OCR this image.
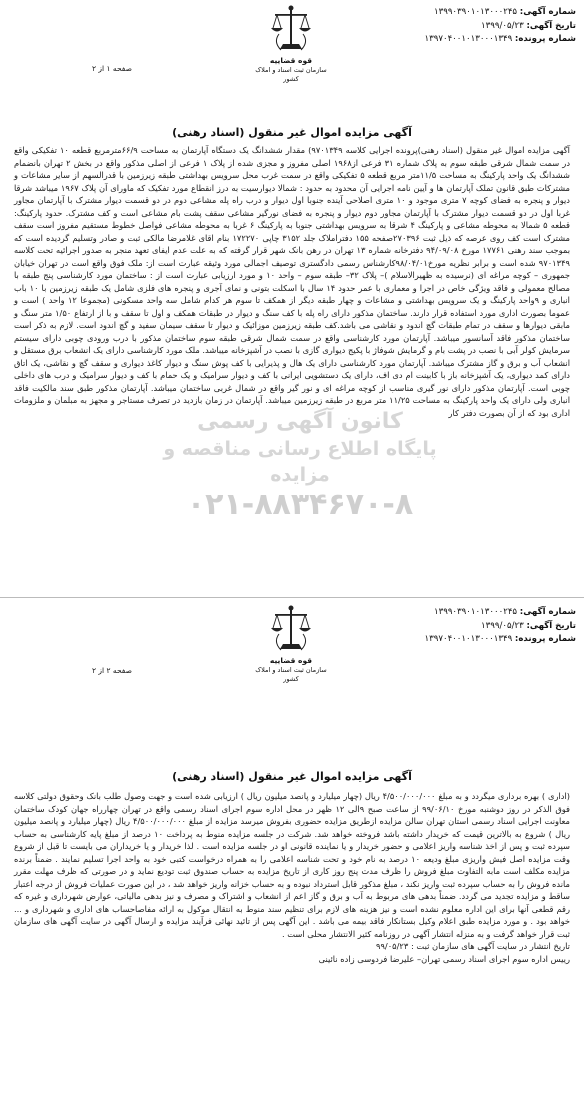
شماره آگهی: ۱۳۹۹۰۳۹۰۱۰۱۳۰۰۰۲۴۵
تاریخ آگهی: ۱۳۹۹/۰۵/۲۳
شماره پرونده: ۱۳۹۷۰۴۰۰۱۰۱۳۰۰۰۱۳۴۹
قوه قضاییه
سازمان ثبت اسناد و املاک کشور
صفحه ۱ از ۲
آگهی مزایده اموال غیر منقول (اسناد رهنی)

آگهی مزایده اموال غیر منقول (اسناد رهنی)پرونده اجرایی کلاسه ۹۷۰۱۳۴۹) مقدار ششدانگ یک دستگاه آپارتمان به مساحت ۶۶/۹مترمربع قطعه ۱۰ تفکیکی واقع در سمت شمال شرقی طبقه سوم به پلاک شماره ۳۱ فرعی از۱۹۶۸ اصلی مفروز و مجزی شده از پلاک ۱ فرعی از اصلی مذکور واقع در بخش ۲ تهران بانضمام ششدانگ یک واحد پارکینگ به مساحت ۱۱/۵متر مربع قطعه ۵ تفکیکی واقع در سمت غرب محل سرویس بهداشتی طبقه زیرزمین با قدرالسهم از سایر مشاعات و مشترکات طبق قانون تملک آپارتمان ها و آیین نامه اجرایی آن محدود به حدود : شمالا دیوارسیت به درز انقطاع مورد تفکیک که ماورای آن پلاک ۱۹۶۷ میباشد شرقا دیوار و پنجره به فضای کوچه ۷ متری موجود و ۱۰ متری اصلاحی آینده جنوبا اول دیوار و درب راه پله مشاعی دوم در دو قسمت دیوار مشترک با آپارتمان مجاور غربا اول در دو قسمت دیوار مشترک با آپارتمان مجاور دوم دیوار و پنجره به فضای نورگیر مشاعی سقف پشت بام مشاعی است و کف مشترک. حدود پارکینگ: قطعه ۵ شمالا به محوطه مشاعی و پارکینگ ۴ شرقا به سرویس بهداشتی جنوبا به پارکینگ ۶ غربا به محوطه مشاعی فواصل خطوط مستقیم مفروز است سقف مشترک است کف روی عرصه که ذیل ثبت ۲۷۰۳۹۶صفحه ۱۵۵ دفتراملاک جلد ۳۱۵۲ چاپی ۱۷۲۲۷۰ بنام اقای غلامرضا مالکی ثبت و صادر وتسلیم گردیده است که بموجب سند رهنی ۱۷۷۶۱ مورخ ۹۴/۰۹/۰۸ دفترخانه شماره ۱۳ تهران در رهن بانک شهر قرار گرفته که به علت عدم ایفای تعهد منجر به صدور اجرائیه تحت کلاسه ۹۷۰۱۳۴۹ شده است و برابر نظریه مورخ۹۸/۰۴/۰۱کارشناس رسمی دادگستری توصیف اجمالی مورد وثیقه عبارت است از: ملک فوق واقع است در تهران خیابان جمهوری – کوچه مراغه ای (نرسیده به ظهیرالاسلام )– پلاک ۳۲– طبقه سوم – واحد ۱۰ و مورد ارزیابی عبارت است از : ساختمان مورد کارشناسی پنج طبقه با مصالح معمولی و فاقد ویژگی خاص در اجرا و معماری با عمر حدود ۱۴ سال با اسکلت بتونی و نمای آجری و پنجره های فلزی شامل یک طبقه زیرزمین با ۱۰ باب انباری و ۹واحد پارکینگ و یک سرویس بهداشتی و مشاعات و چهار طبقه دیگر از همکف تا سوم هر کدام شامل سه واحد مسکونی (مجموعا ۱۲ واحد ) است و عموما بصورت اداری مورد استفاده قرار دارند. ساختمان مذکور دارای راه پله با کف سنگ و دیوار در طبقات همکف و اول تا سقف و با از ارتفاع ۱/۵۰ متر سنگ و مابقی دیوارها و سقف در تمام طبقات گچ اندود و نقاشی می باشد.کف طبقه زیرزمین موزائیک و دیوار تا سقف سیمان سفید و گچ اندود است. لازم به ذکر است ساختمان مذکور فاقد آسانسور میباشد. آپارتمان مورد کارشناسی واقع در سمت شمال شرقی طبقه سوم ساختمان مذکور با درب ورودی چوبی دارای سیستم سرمایش کولر آبی با نصب در پشت بام و گرمایش شوفاژ با پکیج دیواری گازی با نصب در آشپزخانه میباشد. ملک مورد کارشناسی دارای یک انشعاب برق مستقل و انشعاب آب و برق و گاز مشترک میباشد. آپارتمان مورد کارشناسی دارای یک هال و پذیرایی با کف پوش سنگ و دیوار کاغذ دیواری و سقف گچ و نقاشی، یک اتاق دارای کمد دیواری، یک آشپزخانه باز با کابینت ام دی اف، دارای یک دستشویی ایرانی با کف و دیوار سرامیک و یک حمام با کف و دیوار سرامیک و درب های داخلی چوبی است. آپارتمان مذکور دارای نور گیری مناسب از کوچه مراغه ای و نور گیر واقع در شمال غربی ساختمان میباشد. آپارتمان مذکور طبق سند مالکیت فاقد انباری ولی دارای یک واحد پارکینگ به مساحت ۱۱/۲۵ متر مربع در طبقه زیرزمین میباشد. آپارتمان در زمان بازدید در تصرف مستاجر و مجهز به مبلمان و ملزومات اداری بود که از آن بصورت دفتر کار

کانون آگهی رسمی
پایگاه اطلاع رسانی مناقصه و مزایده
۰۲۱-۸۸۳۴۶۷۰-۸
شماره آگهی: ۱۳۹۹۰۳۹۰۱۰۱۳۰۰۰۲۴۵
تاریخ آگهی: ۱۳۹۹/۰۵/۲۳
شماره پرونده: ۱۳۹۷۰۴۰۰۱۰۱۳۰۰۰۱۳۴۹
قوه قضاییه
سازمان ثبت اسناد و املاک کشور
صفحه ۲ از ۲
آگهی مزایده اموال غیر منقول (اسناد رهنی)

(اداری ) بهره برداری میگردد و به مبلغ ۴/۵۰۰/۰۰۰/۰۰۰ ریال (چهار میلیارد و پانصد میلیون ریال ) ارزیابی شده است و جهت وصول طلب بانک وحقوق دولتی کلاسه فوق الذکر در روز دوشنبه مورخ ۹۹/۰۶/۱۰ از ساعت صبح ۹الی ۱۲ ظهر در محل اداره سوم اجرای اسناد رسمی واقع در تهران چهارراه جهان کودک ساختمان معاونت اجرایی اسناد رسمی استان تهران سالن مزایده ازطریق مزایده حضوری بفروش میرسد مزایده از مبلغ ۴/۵۰۰/۰۰۰/۰۰۰ ریال (چهار میلیارد و پانصد میلیون ریال ) شروع به بالاترین قیمت که خریدار داشته باشد فروخته خواهد شد. شرکت در جلسه مزایده منوط به پرداخت ۱۰ درصد از مبلغ پایه کارشناسی به حساب سپرده ثبت و پس از اخذ شناسه واریز اعلامی و حضور خریدار و یا نماینده قانونی او در جلسه مزایده است . لذا خریدار و یا خریداران می بایست تا قبل از شروع وقت مزایده اصل فیش واریزی مبلغ ودیعه ۱۰ درصد به نام خود و تحت شناسه اعلامی را به همراه درخواست کتبی خود به واحد اجرا تسلیم نمایند . ضمناً برنده مزایده مکلف است مابه التفاوت مبلغ فروش را ظرف مدت پنج روز کاری از تاریخ مزایده به حساب صندوق ثبت تودیع نماید و در صورتی که ظرف مهلت مقرر مانده فروش را به حساب سپرده ثبت واریز نکند ، مبلغ مذکور قابل استرداد نبوده و به حساب خزانه واریز خواهد شد ، در این صورت عملیات فروش از درجه اعتبار ساقط و مزایده تجدید می گردد. ضمناً بدهی های مربوط به آب و برق و گاز اعم از انشعاب و اشتراک و مصرف و نیز بدهی مالیاتی، عوارض شهرداری و غیره که رقم قطعی آنها برای این اداره معلوم نشده است و نیز هزینه های لازم برای تنظیم سند منوط به انتقال موکول به ارائه مفاصاحساب های اداری و شهرداری و ... خواهد بود . و مورد مزایده طبق اعلام وکیل بستانکار فاقد بیمه می باشد . این آگهی پس از تائید نهائی فرآیند مزایده و ارسال آگهی در سایت آگهی های سازمان ثبت قرار خواهد گرفت و به منزله انتشار آگهی در روزنامه کثیر الانتشار محلی است .

تاریخ انتشار در سایت آگهی های سازمان ثبت : ۹۹/۰۵/۲۳

رییس اداره سوم اجرای اسناد رسمی تهران– علیرضا فردوسی زاده نائینی
